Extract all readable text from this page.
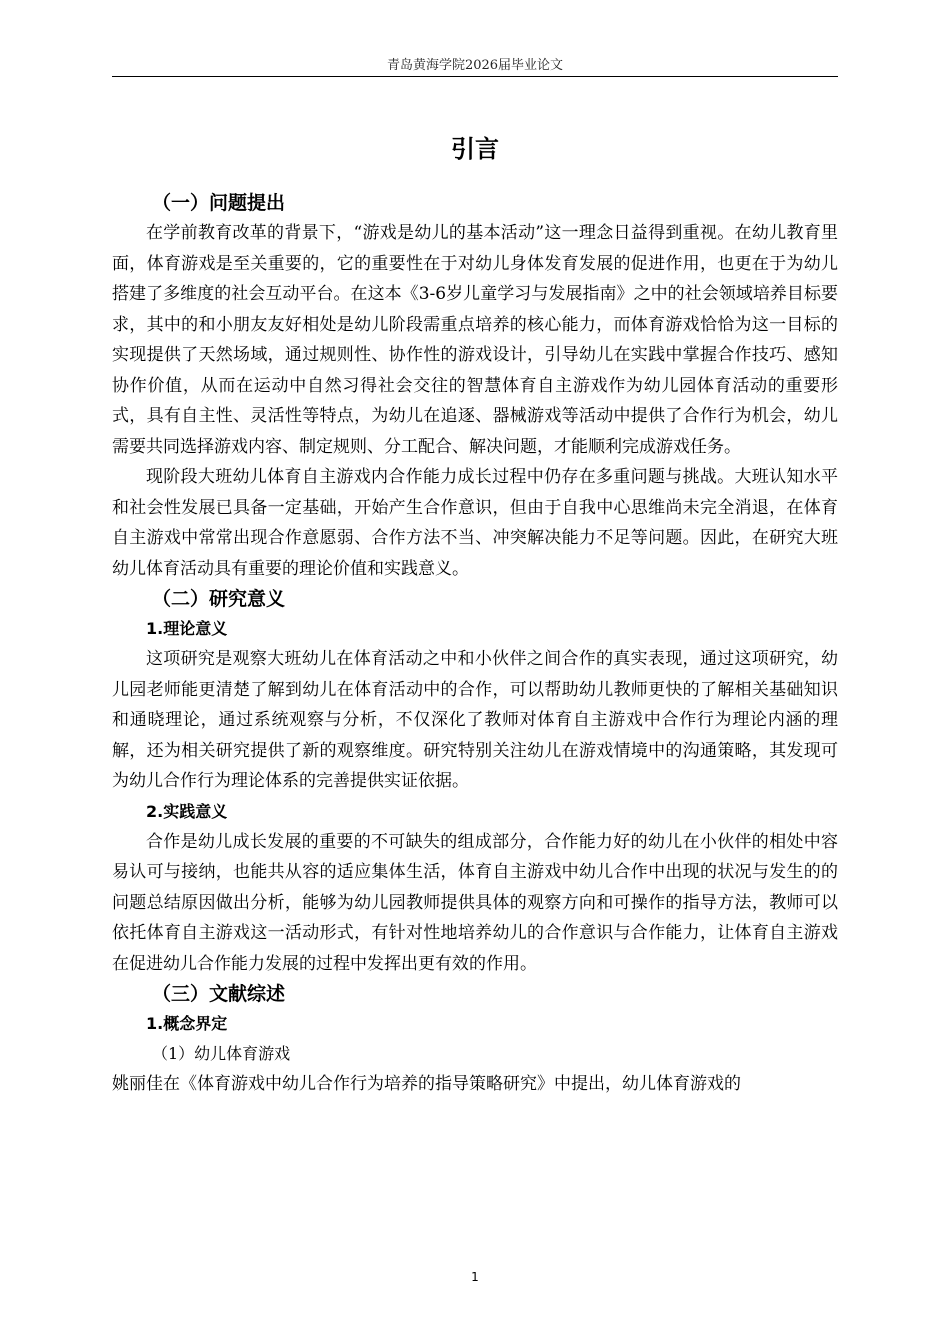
青岛黄海学院2026届毕业论文
引言
（一）问题提出

在学前教育改革的背景下，“游戏是幼儿的基本活动”这一理念日益得到重视。在幼儿教育里面，体育游戏是至关重要的，它的重要性在于对幼儿身体发育发展的促进作用，也更在于为幼儿搭建了多维度的社会互动平台。在这本《3-6岁儿童学习与发展指南》之中的社会领域培养目标要求，其中的和小朋友友好相处是幼儿阶段需重点培养的核心能力，而体育游戏恰恰为这一目标的实现提供了天然场域，通过规则性、协作性的游戏设计，引导幼儿在实践中掌握合作技巧、感知协作价值，从而在运动中自然习得社会交往的智慧体育自主游戏作为幼儿园体育活动的重要形式，具有自主性、灵活性等特点，为幼儿在追逐、器械游戏等活动中提供了合作行为机会，幼儿需要共同选择游戏内容、制定规则、分工配合、解决问题，才能顺利完成游戏任务。

现阶段大班幼儿体育自主游戏内合作能力成长过程中仍存在多重问题与挑战。大班认知水平和社会性发展已具备一定基础，开始产生合作意识，但由于自我中心思维尚未完全消退，在体育自主游戏中常常出现合作意愿弱、合作方法不当、冲突解决能力不足等问题。因此，在研究大班幼儿体育活动具有重要的理论价值和实践意义。

（二）研究意义
1.理论意义

这项研究是观察大班幼儿在体育活动之中和小伙伴之间合作的真实表现，通过这项研究，幼儿园老师能更清楚了解到幼儿在体育活动中的合作，可以帮助幼儿教师更快的了解相关基础知识和通晓理论，通过系统观察与分析，不仅深化了教师对体育自主游戏中合作行为理论内涵的理解，还为相关研究提供了新的观察维度。研究特别关注幼儿在游戏情境中的沟通策略，其发现可为幼儿合作行为理论体系的完善提供实证依据。

2.实践意义

合作是幼儿成长发展的重要的不可缺失的组成部分，合作能力好的幼儿在小伙伴的相处中容易认可与接纳，也能共从容的适应集体生活，体育自主游戏中幼儿合作中出现的状况与发生的的问题总结原因做出分析，能够为幼儿园教师提供具体的观察方向和可操作的指导方法，教师可以依托体育自主游戏这一活动形式，有针对性地培养幼儿的合作意识与合作能力，让体育自主游戏在促进幼儿合作能力发展的过程中发挥出更有效的作用。

（三）文献综述
1.概念界定
（1）幼儿体育游戏

姚丽佳在《体育游戏中幼儿合作行为培养的指导策略研究》中提出，幼儿体育游戏的

1
